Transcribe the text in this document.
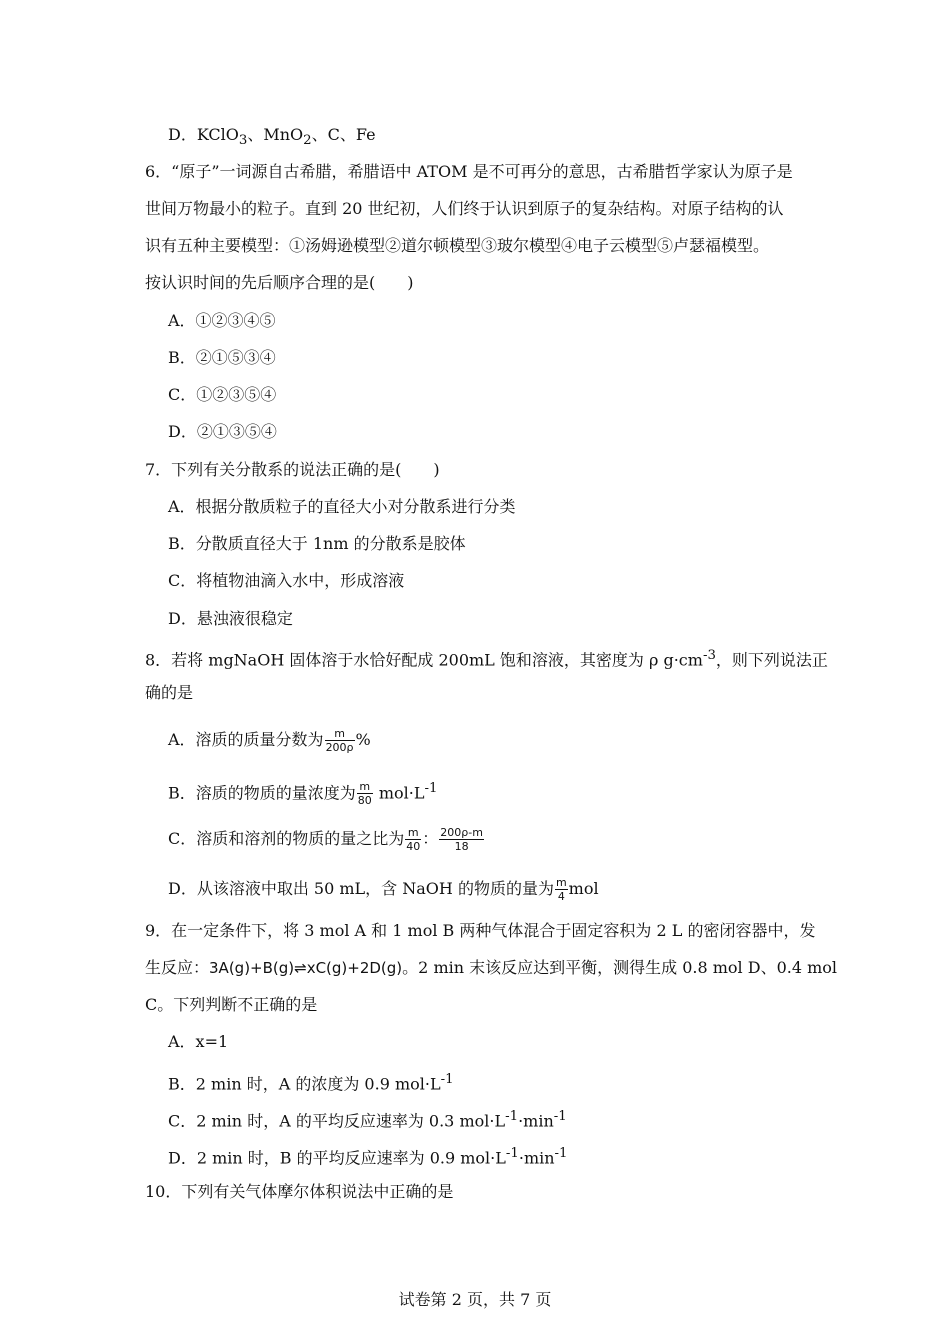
D．KClO$_3$、MnO$_2$、C、Fe
6．“原子”一词源自古希腊，希腊语中 ATOM 是不可再分的意思，古希腊哲学家认为原子是
世间万物最小的粒子。直到 20 世纪初，人们终于认识到原子的复杂结构。对原子结构的认
识有五种主要模型：①汤姆逊模型②道尔顿模型③玻尔模型④电子云模型⑤卢瑟福模型。
按认识时间的先后顺序合理的是(　　)
A．①②③④⑤
B．②①⑤③④
C．①②③⑤④
D．②①③⑤④
7．下列有关分散系的说法正确的是(　　)
A．根据分散质粒子的直径大小对分散系进行分类
B．分散质直径大于 1nm 的分散系是胶体
C．将植物油滴入水中，形成溶液
D．悬浊液很稳定
8．若将 mgNaOH 固体溶于水恰好配成 200mL 饱和溶液，其密度为 ρ $g\cdot cm^{-3}$，则下列说法正
确的是
A．溶质的质量分数为 $\frac{m}{200\rho}$ %
B．溶质的物质的量浓度为 $\frac{m}{80} mol\cdot L^{-1}$
C．溶质和溶剂的物质的量之比为 $\frac{m}{40}$ ： $\frac{200\rho-m}{18}$
D．从该溶液中取出 50 mL，含 NaOH 的物质的量为 $\frac{m}{4}$ mol
9．在一定条件下，将 3 mol A 和 1 mol B 两种气体混合于固定容积为 2 L 的密闭容器中，发
生反应：3A(g)+B(g)⇌xC(g)+2D(g)。2 min 末该反应达到平衡，测得生成 0.8 mol D、0.4 mol
C。下列判断不正确的是
A．x=1
B．2 min 时，A 的浓度为 0.9 $mol\cdot L^{-1}$
C．2 min 时，A 的平均反应速率为 0.3 $mol\cdot L^{-1}\cdot\min^{-1}$
D．2 min 时，B 的平均反应速率为 0.9 $mol\cdot L^{-1}\cdot\min^{-1}$
10．下列有关气体摩尔体积说法中正确的是
试卷第 2 页，共 7 页
